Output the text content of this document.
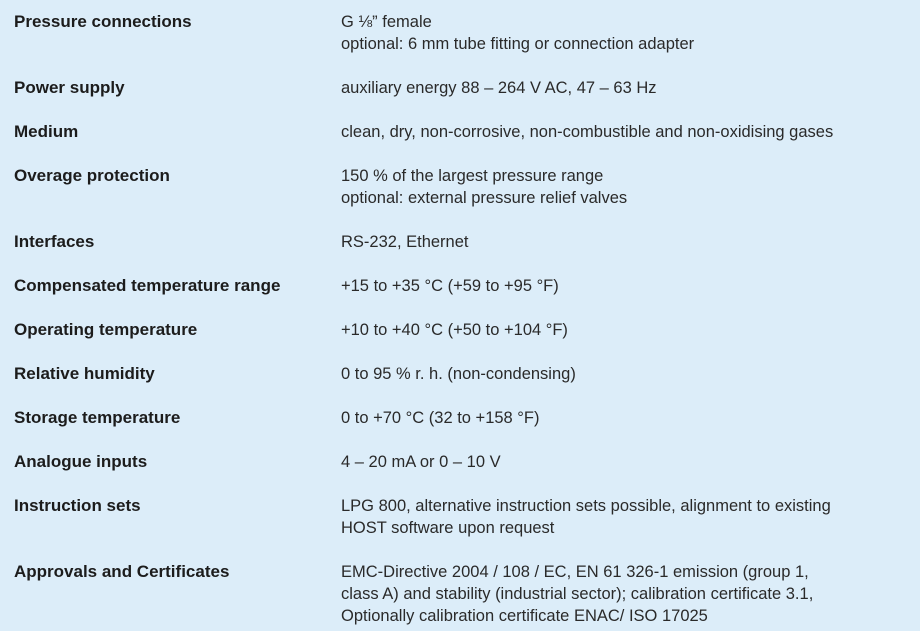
Pressure connections	G ⅛” female
optional: 6 mm tube fitting or connection adapter
Power supply	auxiliary energy 88 – 264 V AC, 47 – 63 Hz
Medium	clean, dry, non-corrosive, non-combustible and non-oxidising gases
Overage protection	150 % of the largest pressure range
optional: external pressure relief valves
Interfaces	RS-232, Ethernet
Compensated temperature range	+15 to +35 °C (+59 to +95 °F)
Operating temperature	+10 to +40 °C (+50 to +104 °F)
Relative humidity	0 to 95 % r. h. (non-condensing)
Storage temperature	0 to +70 °C (32 to +158 °F)
Analogue inputs	4 – 20 mA or 0 – 10 V
Instruction sets	LPG 800, alternative instruction sets possible, alignment to existing
HOST software upon request
Approvals and Certificates	EMC-Directive 2004 / 108 / EC, EN 61 326-1 emission (group 1,
class A) and stability (industrial sector); calibration certificate 3.1,
Optionally calibration certificate ENAC/ ISO 17025
